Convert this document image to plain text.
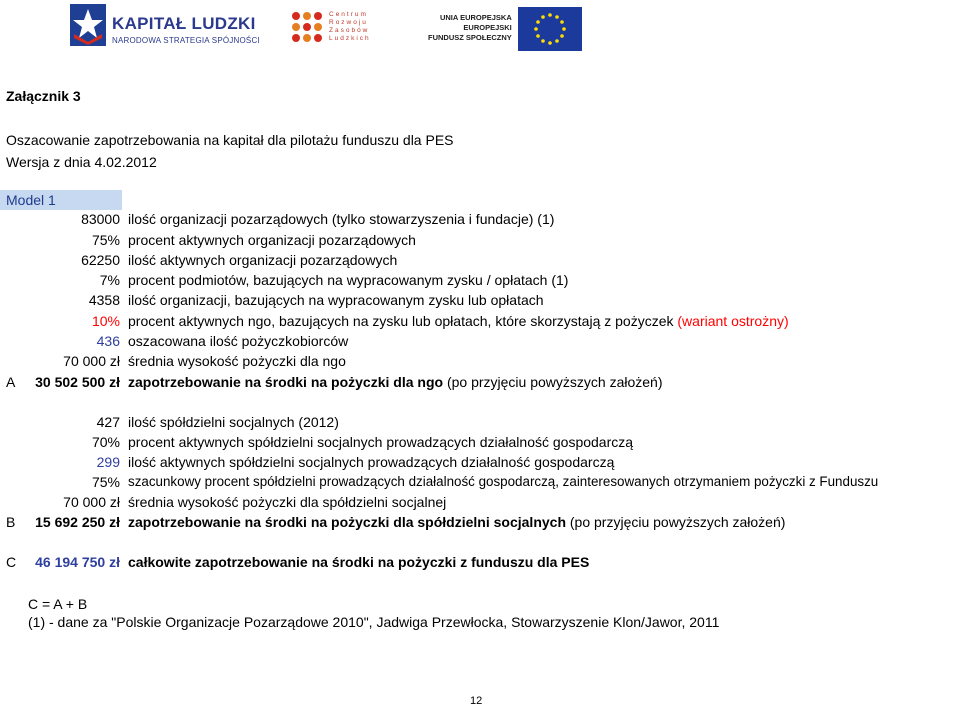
KAPITAŁ LUDZKI
NARODOWA STRATEGIA SPÓJNOŚCI
Centrum
Rozwoju
Zasobów
Ludzkich
UNIA EUROPEJSKA
EUROPEJSKI
FUNDUSZ SPOŁECZNY
Załącznik 3
Oszacowanie zapotrzebowania na kapitał dla pilotażu funduszu dla PES
Wersja z dnia 4.02.2012
Model 1
83000 ilość organizacji pozarządowych (tylko stowarzyszenia i fundacje) (1)
75% procent aktywnych organizacji pozarządowych
62250 ilość aktywnych organizacji pozarządowych
7% procent podmiotów, bazujących na wypracowanym zysku / opłatach (1)
4358 ilość organizacji, bazujących na wypracowanym zysku lub opłatach
10% procent aktywnych ngo, bazujących na zysku lub opłatach, które skorzystają z pożyczek (wariant ostrożny)
436 oszacowana ilość pożyczkobiorców
70 000 zł średnia wysokość pożyczki dla ngo
A	30 502 500 zł zapotrzebowanie na środki na pożyczki dla ngo (po przyjęciu powyższych założeń)
427 ilość spółdzielni socjalnych (2012)
70% procent aktywnych spółdzielni socjalnych prowadzących działalność gospodarczą
299 ilość aktywnych spółdzielni socjalnych prowadzących działalność gospodarczą
75% szacunkowy procent spółdzielni prowadzących działalność gospodarczą, zainteresowanych otrzymaniem pożyczki z Funduszu
70 000 zł średnia wysokość pożyczki dla spółdzielni socjalnej
B	15 692 250 zł zapotrzebowanie na środki na pożyczki dla spółdzielni socjalnych (po przyjęciu powyższych założeń)
C	46 194 750 zł całkowite zapotrzebowanie na środki na pożyczki z funduszu dla PES
C = A + B
(1) - dane za "Polskie Organizacje Pozarządowe 2010", Jadwiga Przewłocka, Stowarzyszenie Klon/Jawor, 2011
12
